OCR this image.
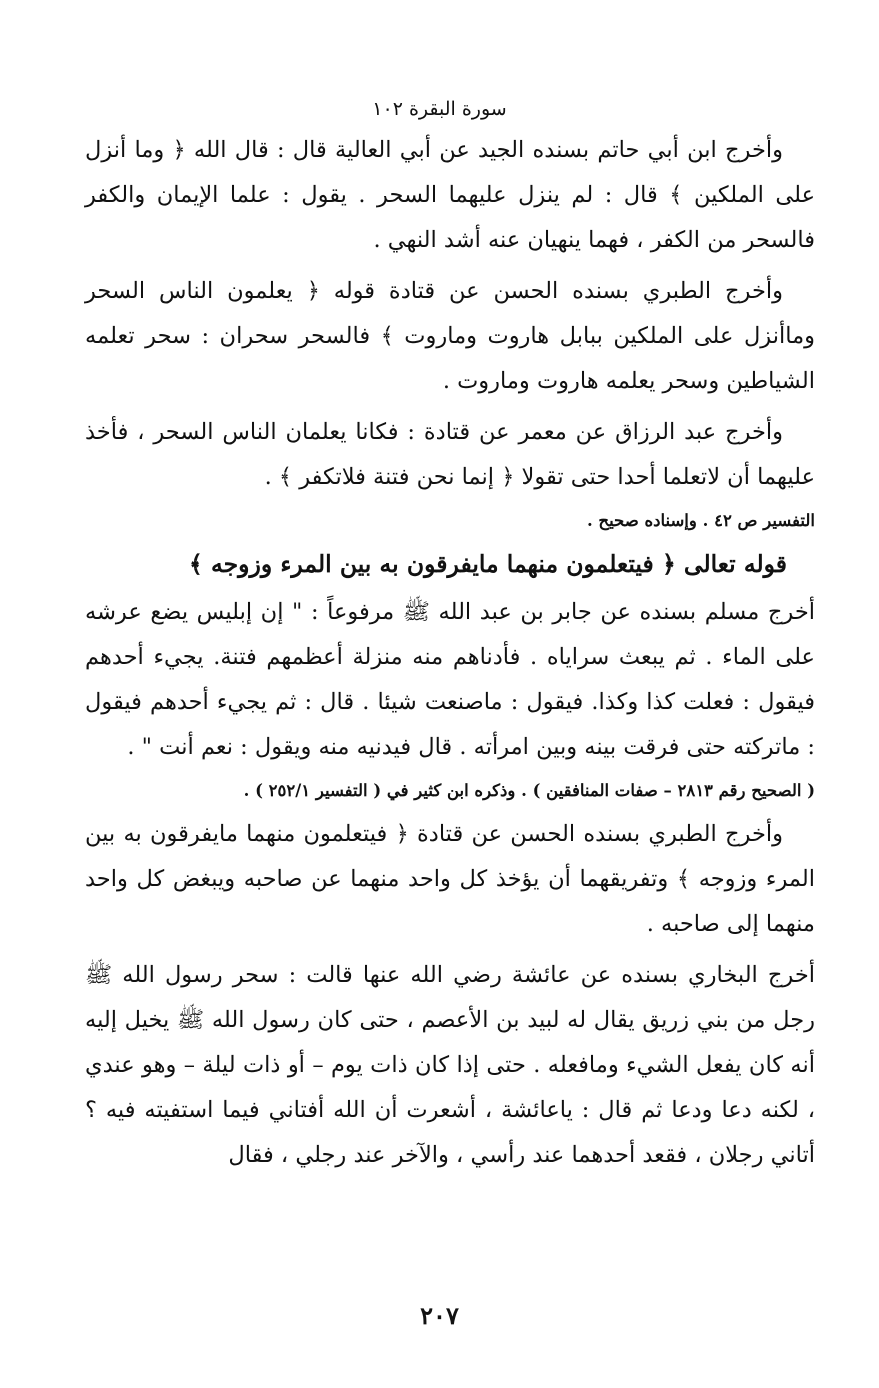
سورة البقرة ١٠٢

وأخرج ابن أبي حاتم بسنده الجيد عن أبي العالية قال : قال الله ﴿ وما أنزل على الملكين ﴾ قال : لم ينزل عليهما السحر . يقول : علما الإيمان والكفر فالسحر من الكفر ، فهما ينهيان عنه أشد النهي .

وأخرج الطبري بسنده الحسن عن قتادة قوله ﴿ يعلمون الناس السحر وماأنزل على الملكين ببابل هاروت وماروت ﴾ فالسحر سحران : سحر تعلمه الشياطين وسحر يعلمه هاروت وماروت .

وأخرج عبد الرزاق عن معمر عن قتادة : فكانا يعلمان الناس السحر ، فأخذ عليهما أن لاتعلما أحدا حتى تقولا ﴿ إنما نحن فتنة فلاتكفر ﴾ .

التفسير ص ٤٢ . وإسناده صحيح .

قوله تعالى ﴿ فيتعلمون منهما مايفرقون به بين المرء وزوجه ﴾

أخرج مسلم بسنده عن جابر بن عبد الله ﷺ مرفوعاً : " إن إبليس يضع عرشه على الماء . ثم يبعث سراياه . فأدناهم منه منزلة أعظمهم فتنة. يجيء أحدهم فيقول : فعلت كذا وكذا. فيقول : ماصنعت شيئا . قال : ثم يجيء أحدهم فيقول : ماتركته حتى فرقت بينه وبين امرأته . قال فيدنيه منه ويقول : نعم أنت " .

( الصحيح رقم ٢٨١٣ – صفات المنافقين ) . وذكره ابن كثير في ( التفسير ٢٥٢/١ ) .

وأخرج الطبري بسنده الحسن عن قتادة ﴿ فيتعلمون منهما مايفرقون به بين المرء وزوجه ﴾ وتفريقهما أن يؤخذ كل واحد منهما عن صاحبه ويبغض كل واحد منهما إلى صاحبه .

أخرج البخاري بسنده عن عائشة رضي الله عنها قالت : سحر رسول الله ﷺ رجل من بني زريق يقال له لبيد بن الأعصم ، حتى كان رسول الله ﷺ يخيل إليه أنه كان يفعل الشيء ومافعله . حتى إذا كان ذات يوم – أو ذات ليلة – وهو عندي ، لكنه دعا ودعا ثم قال : ياعائشة ، أشعرت أن الله أفتاني فيما استفيته فيه ؟ أتاني رجلان ، فقعد أحدهما عند رأسي ، والآخر عند رجلي ، فقال

٢٠٧
